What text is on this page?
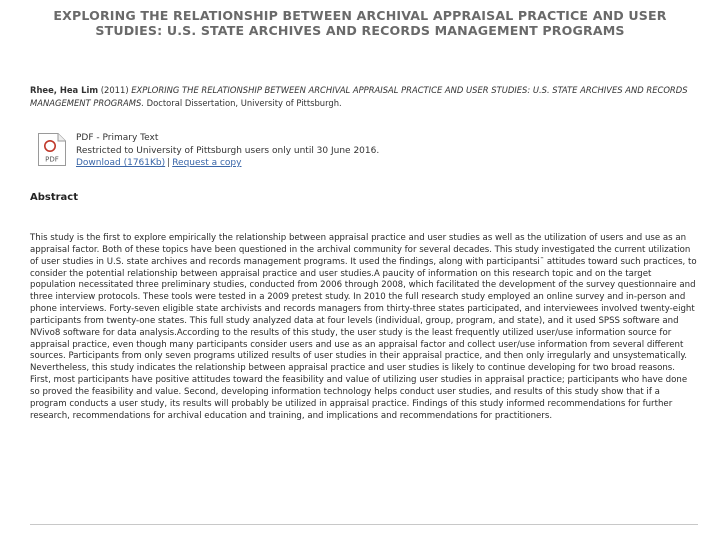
EXPLORING THE RELATIONSHIP BETWEEN ARCHIVAL APPRAISAL PRACTICE AND USER STUDIES: U.S. STATE ARCHIVES AND RECORDS MANAGEMENT PROGRAMS

Rhee, Hea Lim (2011) EXPLORING THE RELATIONSHIP BETWEEN ARCHIVAL APPRAISAL PRACTICE AND USER STUDIES: U.S. STATE ARCHIVES AND RECORDS MANAGEMENT PROGRAMS. Doctoral Dissertation, University of Pittsburgh.

PDF
PDF - Primary Text
Restricted to University of Pittsburgh users only until 30 June 2016.
Download (1761Kb) | Request a copy
Abstract

This study is the first to explore empirically the relationship between appraisal practice and user studies as well as the utilization of users and use as an appraisal factor. Both of these topics have been questioned in the archival community for several decades. This study investigated the current utilization of user studies in U.S. state archives and records management programs. It used the findings, along with participantsi¯ attitudes toward such practices, to consider the potential relationship between appraisal practice and user studies.A paucity of information on this research topic and on the target population necessitated three preliminary studies, conducted from 2006 through 2008, which facilitated the development of the survey questionnaire and three interview protocols. These tools were tested in a 2009 pretest study. In 2010 the full research study employed an online survey and in-person and phone interviews. Forty-seven eligible state archivists and records managers from thirty-three states participated, and interviewees involved twenty-eight participants from twenty-one states. This full study analyzed data at four levels (individual, group, program, and state), and it used SPSS software and NVivo8 software for data analysis.According to the results of this study, the user study is the least frequently utilized user/use information source for appraisal practice, even though many participants consider users and use as an appraisal factor and collect user/use information from several different sources. Participants from only seven programs utilized results of user studies in their appraisal practice, and then only irregularly and unsystematically. Nevertheless, this study indicates the relationship between appraisal practice and user studies is likely to continue developing for two broad reasons. First, most participants have positive attitudes toward the feasibility and value of utilizing user studies in appraisal practice; participants who have done so proved the feasibility and value. Second, developing information technology helps conduct user studies, and results of this study show that if a program conducts a user study, its results will probably be utilized in appraisal practice. Findings of this study informed recommendations for further research, recommendations for archival education and training, and implications and recommendations for practitioners.
